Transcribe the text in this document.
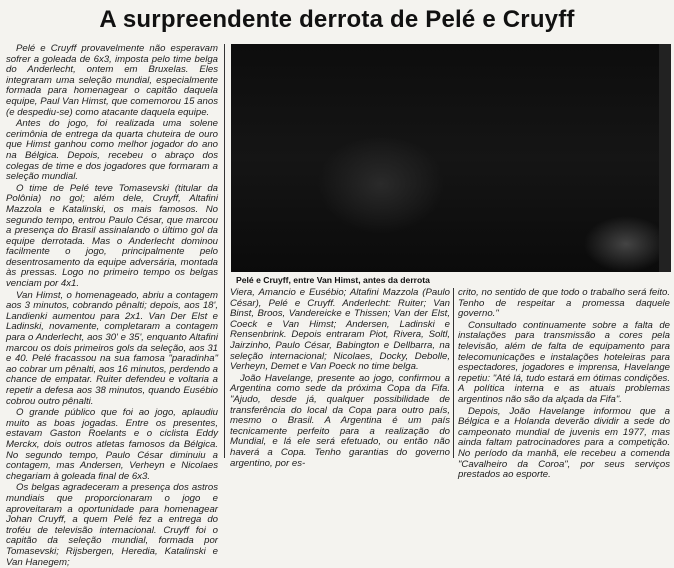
A surpreendente derrota de Pelé e Cruyff

Pelé e Cruyff provavelmente não esperavam sofrer a goleada de 6x3, imposta pelo time belga do Anderlecht, ontem em Bruxelas. Eles integraram uma seleção mundial, especialmente formada para homenagear o capitão daquela equipe, Paul Van Himst, que comemorou 15 anos (e despediu-se) como atacante daquela equipe.

Antes do jogo, foi realizada uma solene cerimônia de entrega da quarta chuteira de ouro que Himst ganhou como melhor jogador do ano na Bélgica. Depois, recebeu o abraço dos colegas de time e dos jogadores que formaram a seleção mundial.

O time de Pelé teve Tomasevski (titular da Polônia) no gol; além dele, Cruyff, Altafini Mazzola e Katalinski, os mais famosos. No segundo tempo, entrou Paulo César, que marcou a presença do Brasil assinalando o último gol da equipe derrotada. Mas o Anderlecht dominou facilmente o jogo, principalmente pelo desentrosamento da equipe adversária, montada às pressas. Logo no primeiro tempo os belgas venciam por 4x1.

Van Himst, o homenageado, abriu a contagem aos 3 minutos, cobrando pênalti; depois, aos 18', Landienki aumentou para 2x1. Van Der Elst e Ladinski, novamente, completaram a contagem para o Anderlecht, aos 30' e 35', enquanto Altafini marcou os dois primeiros gols da seleção, aos 31 e 40. Pelé fracassou na sua famosa "paradinha" ao cobrar um pênalti, aos 16 minutos, perdendo a chance de empatar. Ruiter defendeu e voltaria a repetir a defesa aos 38 minutos, quando Eusébio cobrou outro pênalti.

O grande público que foi ao jogo, aplaudiu muito as boas jogadas. Entre os presentes, estavam Gaston Roelants e o ciclista Eddy Merckx, dois outros atletas famosos da Bélgica. No segundo tempo, Paulo César diminuiu a contagem, mas Andersen, Verheyn e Nicolaes chegariam à goleada final de 6x3.

Os belgas agradeceram a presença dos astros mundiais que proporcionaram o jogo e aproveitaram a oportunidade para homenagear Johan Cruyff, a quem Pelé fez a entrega do troféu de televisão internacional. Cruyff foi o capitão da seleção mundial, formada por Tomasevski; Rijsbergen, Heredia, Katalinski e Van Hanegem;

Pelé e Cruyff, entre Van Himst, antes da derrota

Viera, Amancio e Eusébio; Altafini Mazzola (Paulo César), Pelé e Cruyff. Anderlecht: Ruiter; Van Binst, Broos, Vandereicke e Thissen; Van der Elst, Coeck e Van Himst; Andersen, Ladinski e Rensenbrink. Depois entraram Piot, Rivera, Soltl, Jairzinho, Paulo César, Babington e Dellbarra, na seleção internacional; Nicolaes, Docky, Debolle, Verheyn, Demet e Van Poeck no time belga.

João Havelange, presente ao jogo, confirmou a Argentina como sede da próxima Copa da Fifa. "Ajudo, desde já, qualquer possibilidade de transferência do local da Copa para outro país, mesmo o Brasil. A Argentina é um país tecnicamente perfeito para a realização do Mundial, e lá ele será efetuado, ou então não haverá a Copa. Tenho garantias do governo argentino, por es-

crito, no sentido de que todo o trabalho será feito. Tenho de respeitar a promessa daquele governo."

Consultado continuamente sobre a falta de instalações para transmissão a cores pela televisão, além de falta de equipamento para telecomunicações e instalações hoteleiras para espectadores, jogadores e imprensa, Havelange repetiu: "Até lá, tudo estará em ótimas condições. A política interna e as atuais problemas argentinos não são da alçada da Fifa".

Depois, João Havelange informou que a Bélgica e a Holanda deverão dividir a sede do campeonato mundial de juvenis em 1977, mas ainda faltam patrocinadores para a competição. No período da manhã, ele recebeu a comenda "Cavalheiro da Coroa", por seus serviços prestados ao esporte.
